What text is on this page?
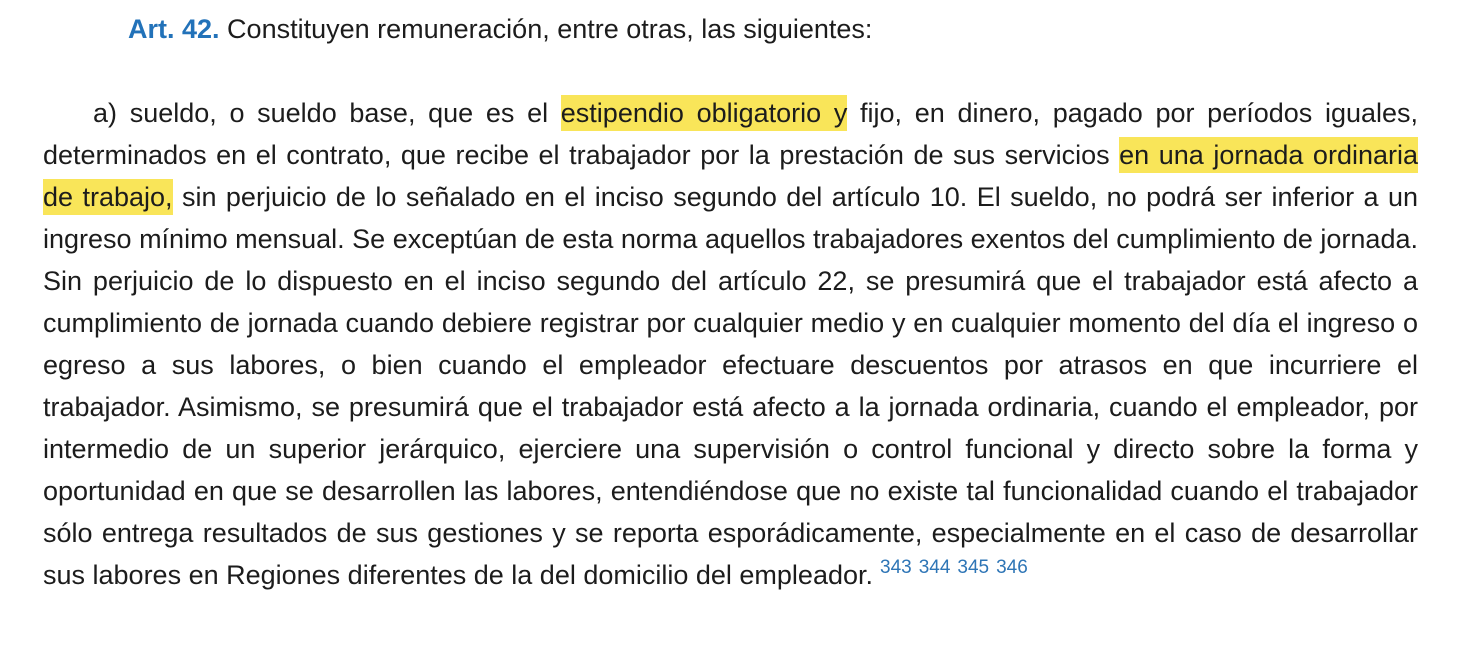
Art. 42. Constituyen remuneración, entre otras, las siguientes:

a) sueldo, o sueldo base, que es el estipendio obligatorio y fijo, en dinero, pagado por períodos iguales, determinados en el contrato, que recibe el trabajador por la prestación de sus servicios en una jornada ordinaria de trabajo, sin perjuicio de lo señalado en el inciso segundo del artículo 10. El sueldo, no podrá ser inferior a un ingreso mínimo mensual. Se exceptúan de esta norma aquellos trabajadores exentos del cumplimiento de jornada. Sin perjuicio de lo dispuesto en el inciso segundo del artículo 22, se presumirá que el trabajador está afecto a cumplimiento de jornada cuando debiere registrar por cualquier medio y en cualquier momento del día el ingreso o egreso a sus labores, o bien cuando el empleador efectuare descuentos por atrasos en que incurriere el trabajador. Asimismo, se presumirá que el trabajador está afecto a la jornada ordinaria, cuando el empleador, por intermedio de un superior jerárquico, ejerciere una supervisión o control funcional y directo sobre la forma y oportunidad en que se desarrollen las labores, entendiéndose que no existe tal funcionalidad cuando el trabajador sólo entrega resultados de sus gestiones y se reporta esporádicamente, especialmente en el caso de desarrollar sus labores en Regiones diferentes de la del domicilio del empleador. $^{343}$ $^{344}$ $^{345}$ $^{346}$
